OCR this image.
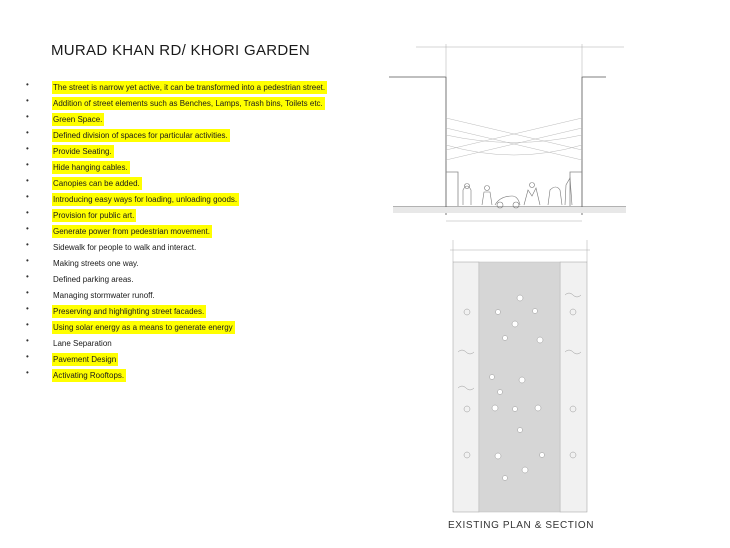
MURAD KHAN RD/ KHORI GARDEN
•	The street is narrow yet active, it can be transformed into a pedestrian street.
•	Addition of street elements such as Benches, Lamps, Trash bins, Toilets etc.
•	Green Space.
•	Defined division of spaces for particular activities.
•	Provide Seating.
•	Hide hanging cables.
•	Canopies can be added.
•	Introducing easy ways for loading, unloading goods.
•	Provision for public art.
•	Generate power from pedestrian movement.
•	Sidewalk for people to walk and interact.
•	Making streets one way.
•	Defined parking areas.
•	Managing stormwater runoff.
•	Preserving and highlighting street facades.
•	Using solar energy as a means to generate energy
•	Lane Separation
•	Pavement Design
•	Activating Rooftops.
EXISTING PLAN & SECTION
